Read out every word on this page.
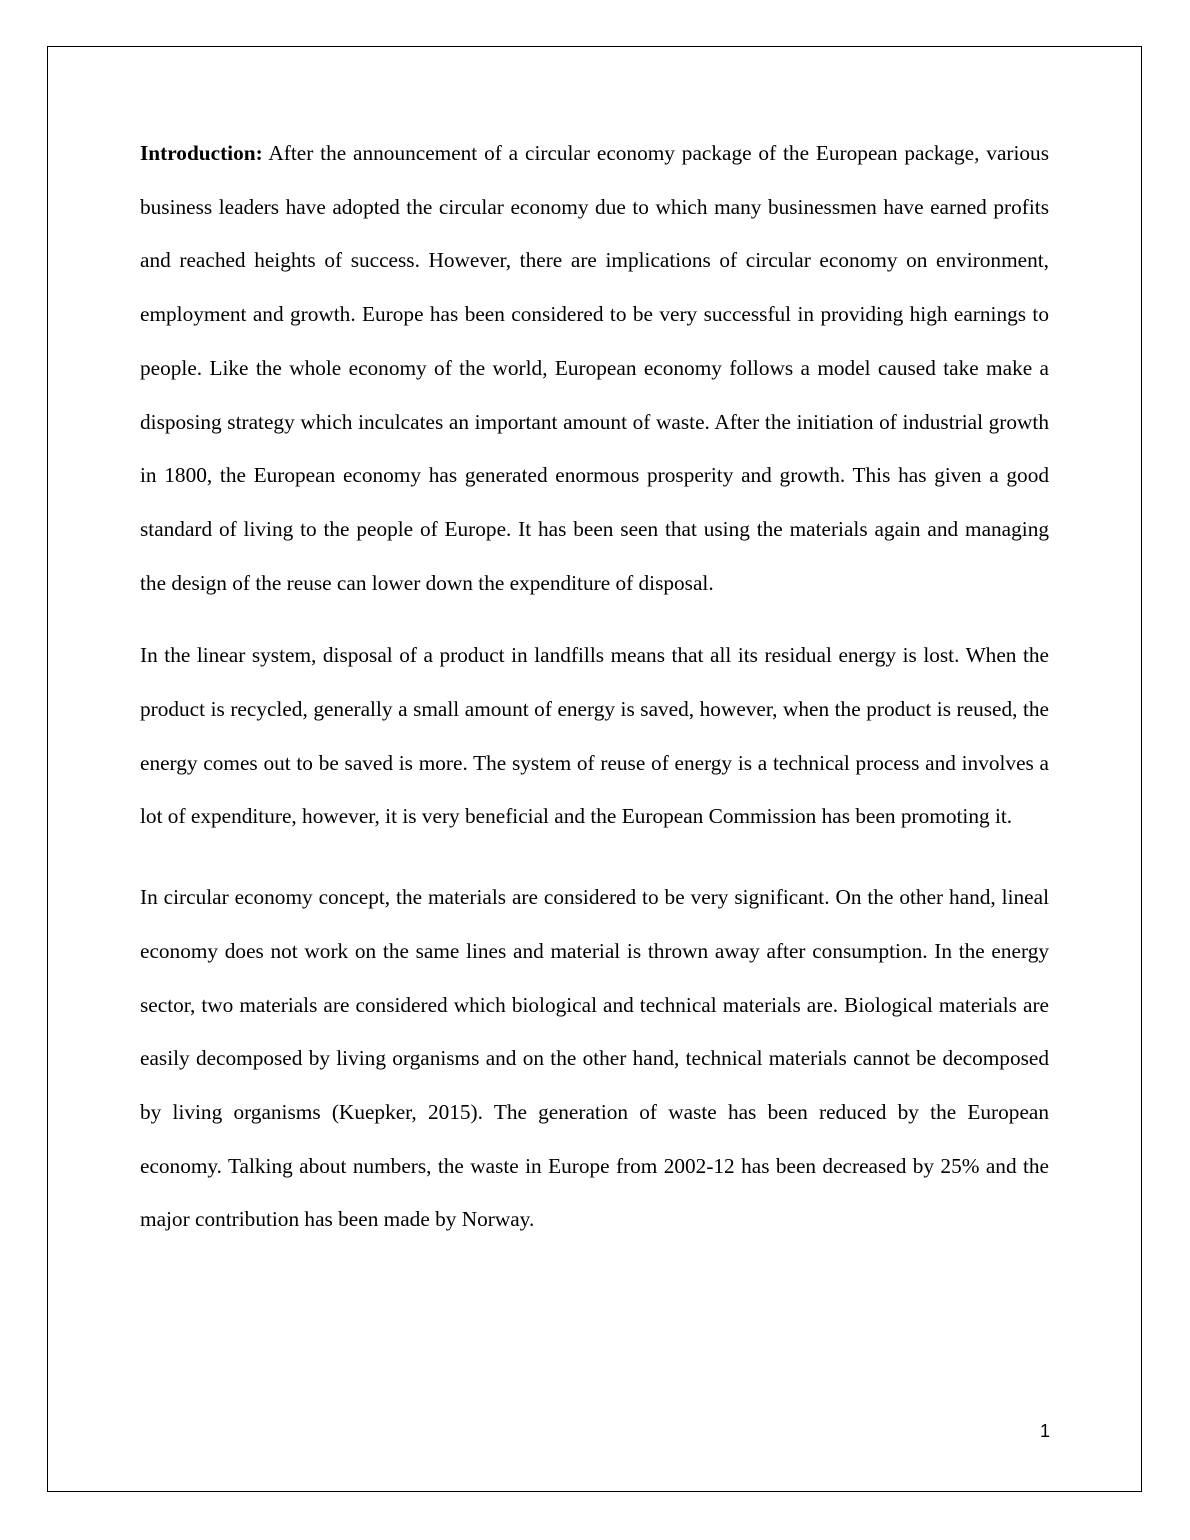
Introduction: After the announcement of a circular economy package of the European package, various business leaders have adopted the circular economy due to which many businessmen have earned profits and reached heights of success. However, there are implications of circular economy on environment, employment and growth. Europe has been considered to be very successful in providing high earnings to people. Like the whole economy of the world, European economy follows a model caused take make a disposing strategy which inculcates an important amount of waste. After the initiation of industrial growth in 1800, the European economy has generated enormous prosperity and growth. This has given a good standard of living to the people of Europe. It has been seen that using the materials again and managing the design of the reuse can lower down the expenditure of disposal.

In the linear system, disposal of a product in landfills means that all its residual energy is lost. When the product is recycled, generally a small amount of energy is saved, however, when the product is reused, the energy comes out to be saved is more. The system of reuse of energy is a technical process and involves a lot of expenditure, however, it is very beneficial and the European Commission has been promoting it.

In circular economy concept, the materials are considered to be very significant. On the other hand, lineal economy does not work on the same lines and material is thrown away after consumption. In the energy sector, two materials are considered which biological and technical materials are. Biological materials are easily decomposed by living organisms and on the other hand, technical materials cannot be decomposed by living organisms (Kuepker, 2015). The generation of waste has been reduced by the European economy. Talking about numbers, the waste in Europe from 2002-12 has been decreased by 25% and the major contribution has been made by Norway.

1
